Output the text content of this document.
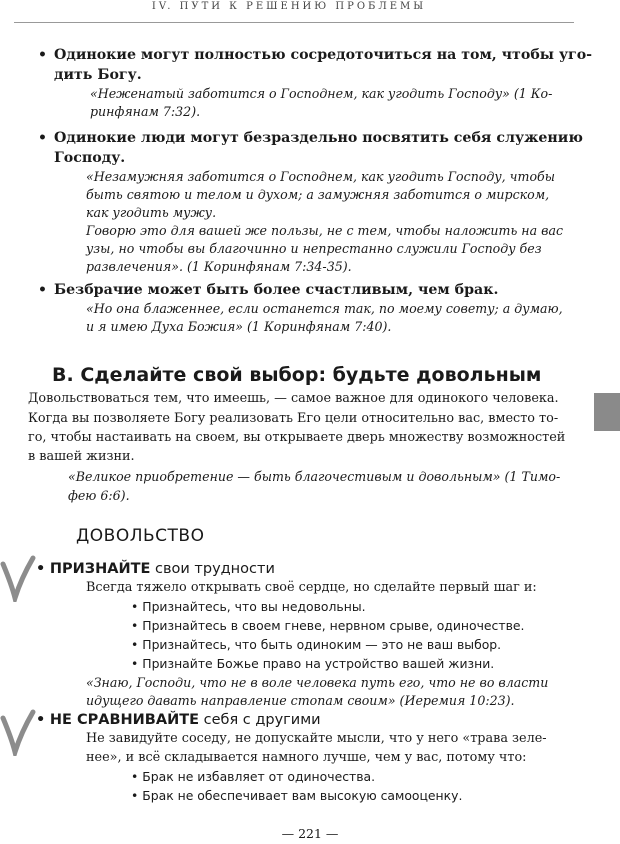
IV. ПУТИ К РЕШЕНИЮ ПРОБЛЕМЫ
• Одинокие могут полностью сосредоточиться на том, чтобы уго-
дить Богу.
«Неженатый заботится о Господнем, как угодить Господу» (1 Ко-
ринфянам 7:32).
• Одинокие люди могут безраздельно посвятить себя служению
Господу.
«Незамужняя заботится о Господнем, как угодить Господу, чтобы
быть святою и телом и духом; а замужняя заботится о мирском,
как угодить мужу.
Говорю это для вашей же пользы, не с тем, чтобы наложить на вас
узы, но чтобы вы благочинно и непрестанно служили Господу без
развлечения». (1 Коринфянам 7:34-35).
• Безбрачие может быть более счастливым, чем брак.
«Но она блаженнее, если останется так, по моему совету; а думаю,
и я имею Духа Божия» (1 Коринфянам 7:40).
В. Сделайте свой выбор: будьте довольным
Довольствоваться тем, что имеешь, — самое важное для одинокого человека.
Когда вы позволяете Богу реализовать Его цели относительно вас, вместо то-
го, чтобы настаивать на своем, вы открываете дверь множеству возможностей
в вашей жизни.
«Великое приобретение — быть благочестивым и довольным» (1 Тимо-
фею 6:6).
ДОВОЛЬСТВО
• ПРИЗНАЙТЕ свои трудности
Всегда тяжело открывать своё сердце, но сделайте первый шаг и:
• Признайтесь, что вы недовольны.
• Признайтесь в своем гневе, нервном срыве, одиночестве.
• Признайтесь, что быть одиноким — это не ваш выбор.
• Признайте Божье право на устройство вашей жизни.
«Знаю, Господи, что не в воле человека путь его, что не во власти
идущего давать направление стопам своим» (Иеремия 10:23).
• НЕ СРАВНИВАЙТЕ себя с другими
Не завидуйте соседу, не допускайте мысли, что у него «трава зеле-
нее», и всё складывается намного лучше, чем у вас, потому что:
• Брак не избавляет от одиночества.
• Брак не обеспечивает вам высокую самооценку.
— 221 —
